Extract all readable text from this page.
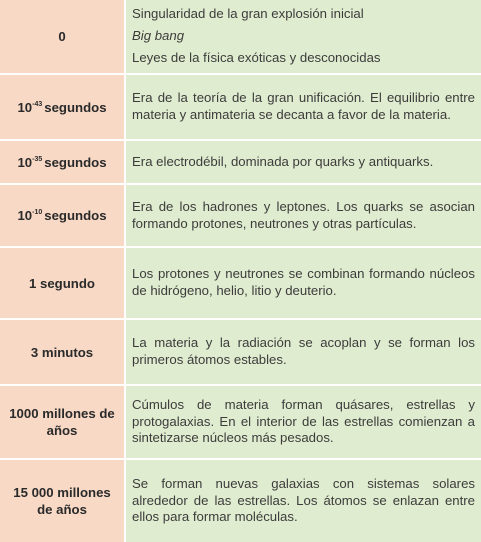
0

Singularidad de la gran explosión inicial

Big bang

Leyes de la física exóticas y desconocidas

$10^{-43}$ segundos

Era de la teoría de la gran unificación. El equilibrio entre materia y antimateria se decanta a favor de la materia.

$10^{-35}$ segundos Era electrodébil, dominada por quarks y antiquarks.

$10^{-10}$ segundos

Era de los hadrones y leptones. Los quarks se asocian formando protones, neutrones y otras partículas.

1 segundo

Los protones y neutrones se combinan formando núcleos de hidrógeno, helio, litio y deuterio.

3 minutos

La materia y la radiación se acoplan y se forman los primeros átomos estables.

1000 millones de años

Cúmulos de materia forman quásares, estrellas y protogalaxias. En el interior de las estrellas comienzan a sintetizarse núcleos más pesados.

15 000 millones de años

Se forman nuevas galaxias con sistemas solares alrededor de las estrellas. Los átomos se enlazan entre ellos para formar moléculas.
